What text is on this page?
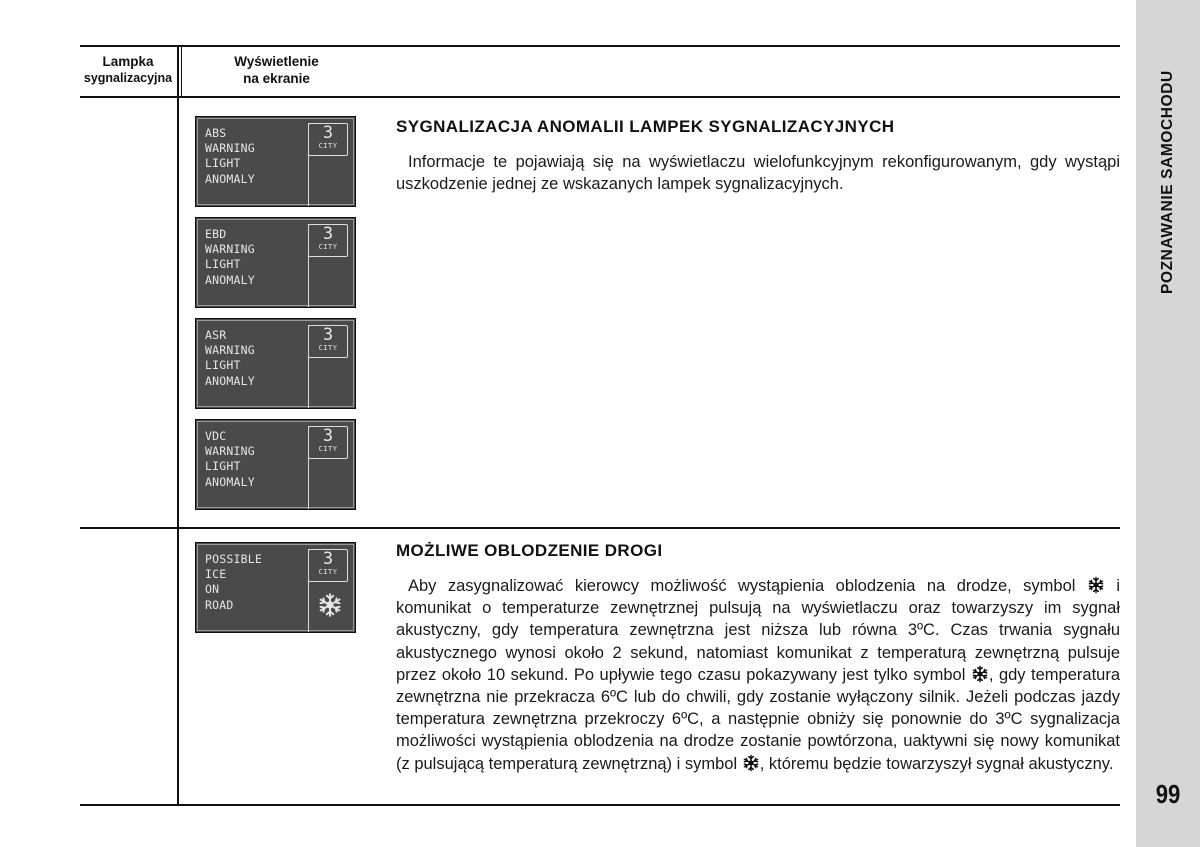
POZNAWANIE SAMOCHODU
99
Lampka
sygnalizacyjna
Wyświetlenie
na ekranie
ABS
WARNING
LIGHT
ANOMALY
3
CITY
EBD
WARNING
LIGHT
ANOMALY
3
CITY
ASR
WARNING
LIGHT
ANOMALY
3
CITY
VDC
WARNING
LIGHT
ANOMALY
3
CITY
SYGNALIZACJA ANOMALII LAMPEK SYGNALIZACYJNYCH

Informacje te pojawiają się na wyświetlaczu wielofunkcyjnym rekonfigurowanym, gdy wystąpi uszkodzenie jednej ze wskazanych lampek sygnalizacyjnych.

POSSIBLE
ICE
ON
ROAD
3
CITY
MOŻLIWE OBLODZENIE DROGI

Aby zasygnalizować kierowcy możliwość wystąpienia oblodzenia na drodze, symbol i komunikat o temperaturze zewnętrznej pulsują na wyświetlaczu oraz towarzyszy im sygnał akustyczny, gdy temperatura zewnętrzna jest niższa lub równa 3ºC. Czas trwania sygnału akustycznego wynosi około 2 sekund, natomiast komunikat z temperaturą zewnętrzną pulsuje przez około 10 sekund. Po upływie tego czasu pokazywany jest tylko symbol , gdy temperatura zewnętrzna nie przekracza 6ºC lub do chwili, gdy zostanie wyłączony silnik. Jeżeli podczas jazdy temperatura zewnętrzna przekroczy 6ºC, a następnie obniży się ponownie do 3ºC sygnalizacja możliwości wystąpienia oblodzenia na drodze zostanie powtórzona, uaktywni się nowy komunikat (z pulsującą temperaturą zewnętrzną) i symbol , któremu będzie towarzyszył sygnał akustyczny.
